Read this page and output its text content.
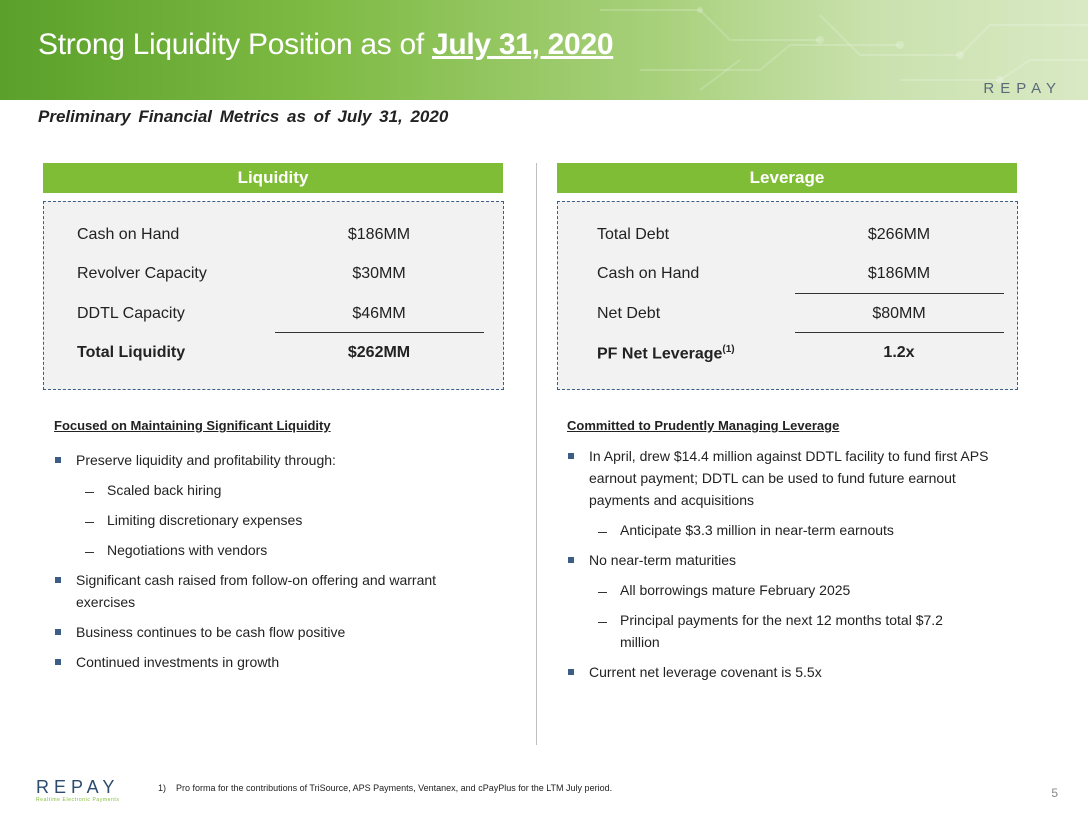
Strong Liquidity Position as of July 31, 2020
REPAY
Preliminary Financial Metrics as of July 31, 2020
Liquidity
Cash on Hand	$186MM
Revolver Capacity	$30MM
DDTL Capacity	$46MM
Total Liquidity	$262MM
Leverage
Total Debt	$266MM
Cash on Hand	$186MM
Net Debt	$80MM
PF Net Leverage$^{(1)}$	1.2x
Focused on Maintaining Significant Liquidity
Preserve liquidity and profitability through:
Scaled back hiring
Limiting discretionary expenses
Negotiations with vendors
Significant cash raised from follow-on offering and warrant exercises
Business continues to be cash flow positive
Continued investments in growth
Committed to Prudently Managing Leverage
In April, drew $14.4 million against DDTL facility to fund first APS earnout payment; DDTL can be used to fund future earnout payments and acquisitions
Anticipate $3.3 million in near-term earnouts
No near-term maturities
All borrowings mature February 2025
Principal payments for the next 12 months total $7.2 million
Current net leverage covenant is 5.5x
REPAY
Realtime Electronic Payments
1) Pro forma for the contributions of TriSource, APS Payments, Ventanex, and cPayPlus for the LTM July period.	5
